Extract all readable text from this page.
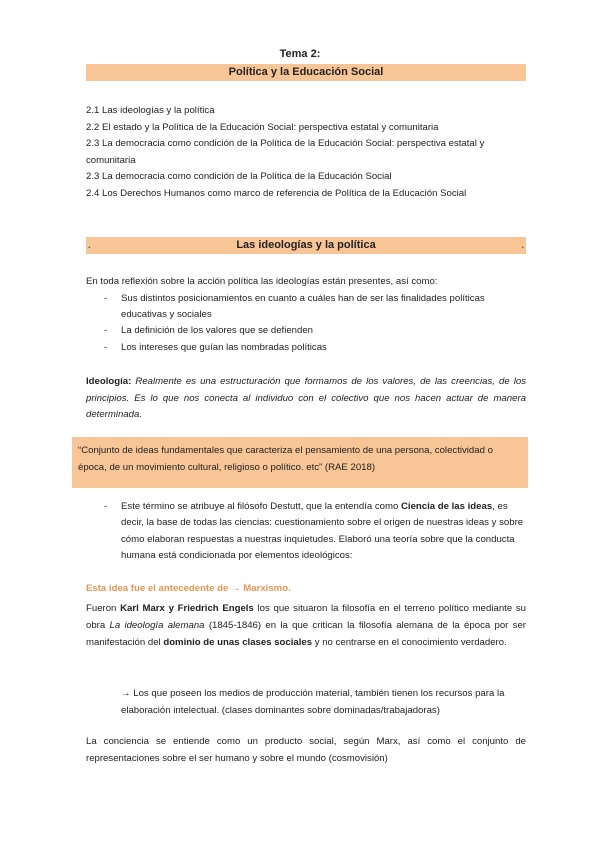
Tema 2:
Política y la Educación Social
2.1 Las ideologías y la política
2.2 El estado y la Política de la Educación Social: perspectiva estatal y comunitaria
2.3 La democracia como condición de la Política de la Educación Social: perspectiva estatal y
comunitaria
2.3 La democracia como condición de la Política de la Educación Social
2.4 Los Derechos Humanos como marco de referencia de Política de la Educación Social
.	Las ideologías y la política	.
En toda reflexión sobre la acción política las ideologías están presentes, así como:
- Sus distintos posicionamientos en cuanto a cuáles han de ser las finalidades políticas educativas y sociales
- La definición de los valores que se defienden
- Los intereses que guían las nombradas políticas
Ideología: Realmente es una estructuración que formamos de los valores, de las creencias, de los principios. Es lo que nos conecta al individuo con el colectivo que nos hacen actuar de manera determinada.
“Conjunto de ideas fundamentales que caracteriza el pensamiento de una persona, colectividad o época, de un movimiento cultural, religioso o político. etc” (RAE 2018)
- Este término se atribuye al filósofo Destutt, que la entendía como Ciencia de las ideas, es decir, la base de todas las ciencias: cuestionamiento sobre el origen de nuestras ideas y sobre cómo elaboran respuestas a nuestras inquietudes. Elaboró una teoría sobre que la conducta humana está condicionada por elementos ideológicos:
Esta idea fue el antecedente de → Marxismo.
Fueron Karl Marx y Friedrich Engels los que situaron la filosofía en el terreno político mediante su obra La ideología alemana (1845-1846) en la que critican la filosofía alemana de la época por ser manifestación del dominio de unas clases sociales y no centrarse en el conocimiento verdadero.
→ Los que poseen los medios de producción material, también tienen los recursos para la elaboración intelectual. (clases dominantes sobre dominadas/trabajadoras)
La conciencia se entiende como un producto social, según Marx, así como el conjunto de representaciones sobre el ser humano y sobre el mundo (cosmovisión)
